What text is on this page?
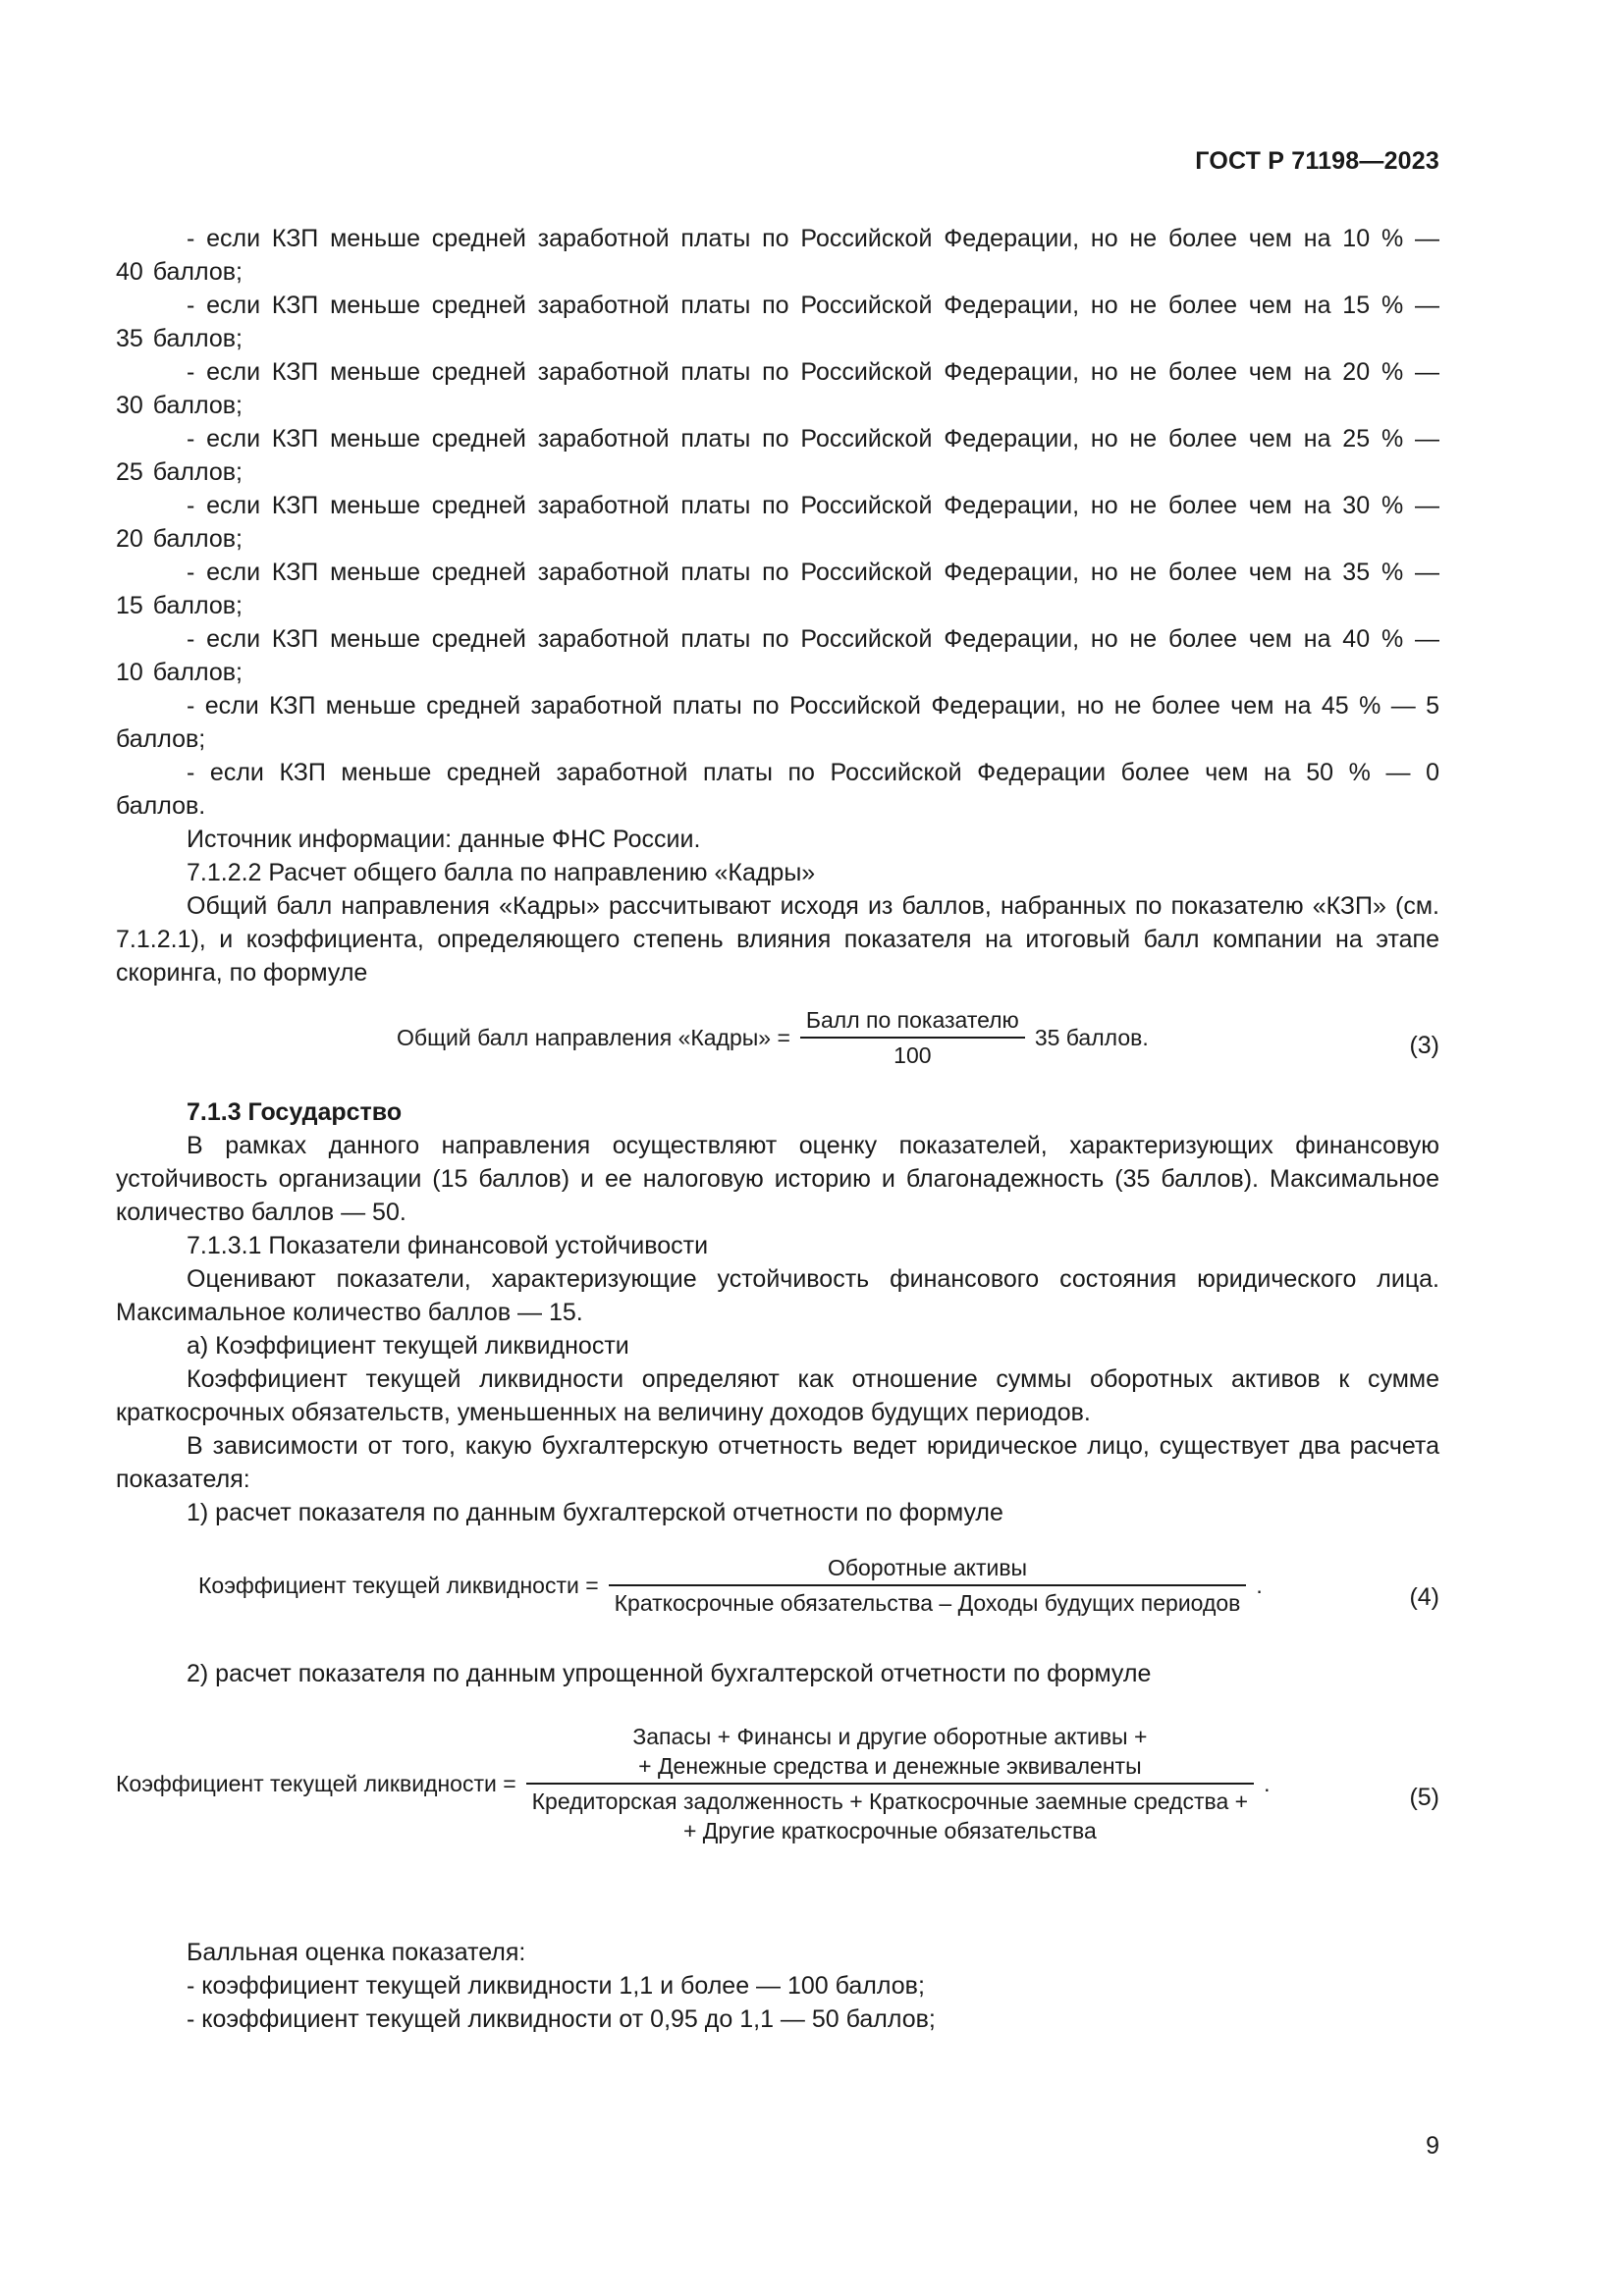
ГОСТ Р 71198—2023

- если КЗП меньше средней заработной платы по Российской Федерации, но не более чем на 10 % — 40 баллов;

- если КЗП меньше средней заработной платы по Российской Федерации, но не более чем на 15 % — 35 баллов;

- если КЗП меньше средней заработной платы по Российской Федерации, но не более чем на 20 % — 30 баллов;

- если КЗП меньше средней заработной платы по Российской Федерации, но не более чем на 25 % — 25 баллов;

- если КЗП меньше средней заработной платы по Российской Федерации, но не более чем на 30 % — 20 баллов;

- если КЗП меньше средней заработной платы по Российской Федерации, но не более чем на 35 % — 15 баллов;

- если КЗП меньше средней заработной платы по Российской Федерации, но не более чем на 40 % — 10 баллов;

- если КЗП меньше средней заработной платы по Российской Федерации, но не более чем на 45 % — 5 баллов;

- если КЗП меньше средней заработной платы по Российской Федерации более чем на 50 % — 0 баллов.

Источник информации: данные ФНС России.

7.1.2.2 Расчет общего балла по направлению «Кадры»

Общий балл направления «Кадры» рассчитывают исходя из баллов, набранных по показателю «КЗП» (см. 7.1.2.1), и коэффициента, определяющего степень влияния показателя на итоговый балл компании на этапе скоринга, по формуле

Общий балл направления «Кадры» = $\frac{\text{Балл по показателю}}{100} 35$ баллов.	(3)

7.1.3 Государство

В рамках данного направления осуществляют оценку показателей, характеризующих финансовую устойчивость организации (15 баллов) и ее налоговую историю и благонадежность (35 баллов). Максимальное количество баллов — 50.

7.1.3.1 Показатели финансовой устойчивости

Оценивают показатели, характеризующие устойчивость финансового состояния юридического лица. Максимальное количество баллов — 15.

а) Коэффициент текущей ликвидности

Коэффициент текущей ликвидности определяют как отношение суммы оборотных активов к сумме краткосрочных обязательств, уменьшенных на величину доходов будущих периодов.

В зависимости от того, какую бухгалтерскую отчетность ведет юридическое лицо, существует два расчета показателя:

1) расчет показателя по данным бухгалтерской отчетности по формуле

Коэффициент текущей ликвидности = $\frac{\text{Оборотные активы}}{\text{Краткосрочные обязательства – Доходы будущих периодов}}$ .	(4)

2) расчет показателя по данным упрощенной бухгалтерской отчетности по формуле

Коэффициент текущей ликвидности =
Запасы + Финансы и другие оборотные активы +
+ Денежные средства и денежные эквиваленты
Кредиторская задолженность + Краткосрочные заемные средства +
+ Другие краткосрочные обязательства
.	(5)

Балльная оценка показателя:

- коэффициент текущей ликвидности 1,1 и более — 100 баллов;

- коэффициент текущей ликвидности от 0,95 до 1,1 — 50 баллов;

9
